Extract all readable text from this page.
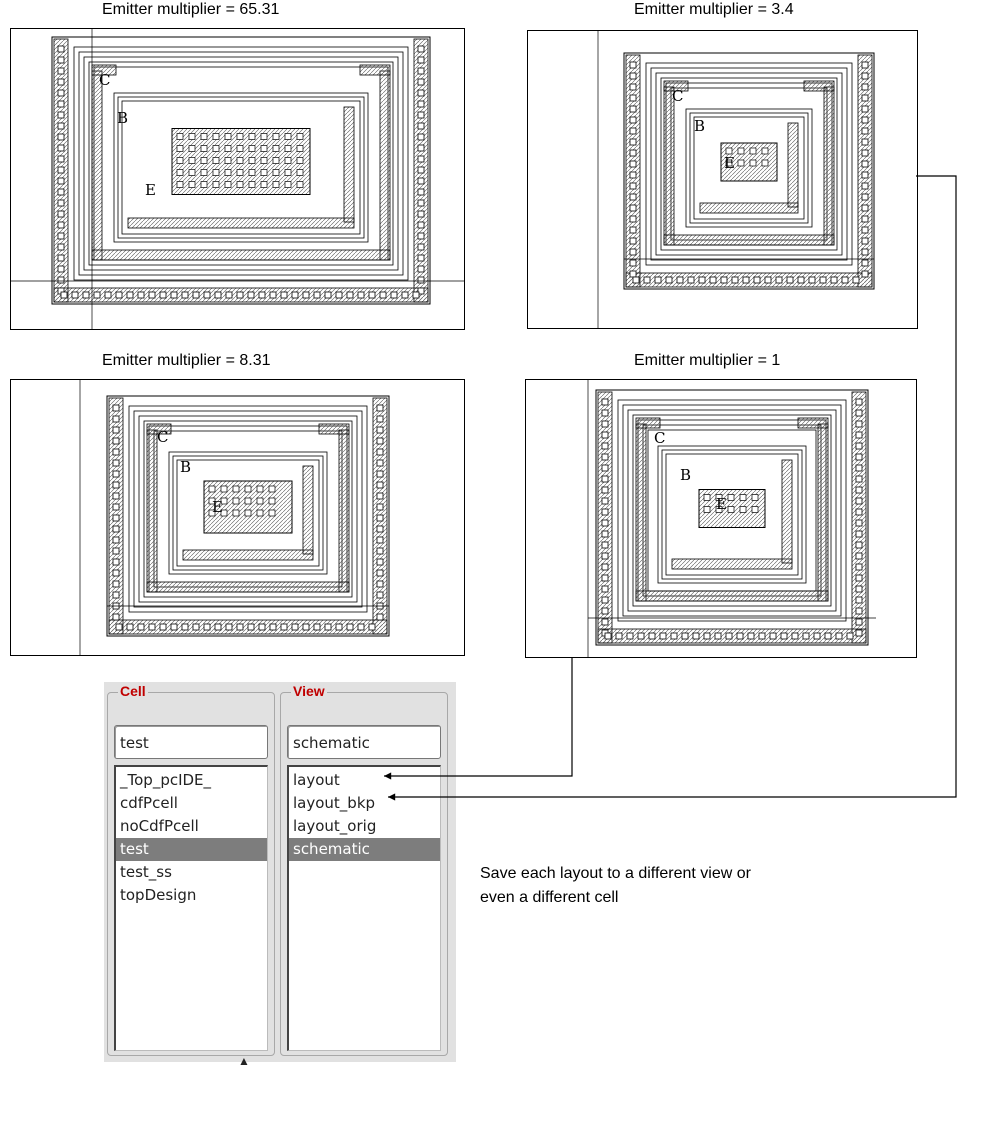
Emitter multiplier = 65.31	Emitter multiplier = 3.4
Emitter multiplier = 8.31	Emitter multiplier = 1
C
B
E
C
B
E
C
B
E
C
B
E
Cell
test
_Top_pcIDE_
cdfPcell
noCdfPcell
test
test_ss
topDesign
View
schematic
layout
layout_bkp
layout_orig
schematic
▲
Save each layout to a different view or
even a different cell
